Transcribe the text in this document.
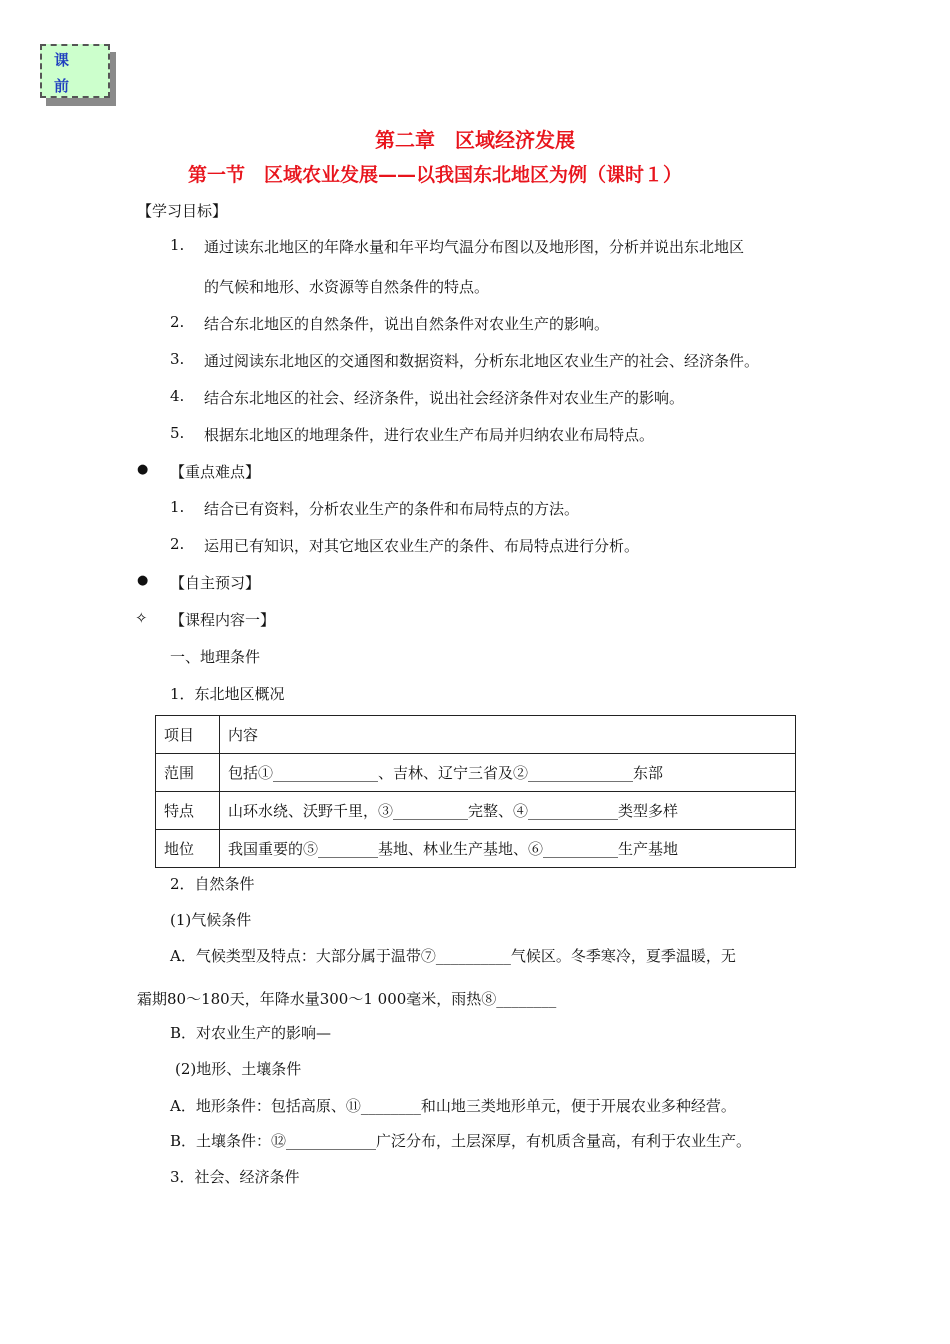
课
前
第二章　区域经济发展
第一节　区域农业发展——以我国东北地区为例（课时１）
【学习目标】
1. 通过读东北地区的年降水量和年平均气温分布图以及地形图，分析并说出东北地区
的气候和地形、水资源等自然条件的特点。
2. 结合东北地区的自然条件，说出自然条件对农业生产的影响。
3. 通过阅读东北地区的交通图和数据资料，分析东北地区农业生产的社会、经济条件。
4. 结合东北地区的社会、经济条件，说出社会经济条件对农业生产的影响。
5. 根据东北地区的地理条件，进行农业生产布局并归纳农业布局特点。
● 【重点难点】
1. 结合已有资料，分析农业生产的条件和布局特点的方法。
2. 运用已有知识，对其它地区农业生产的条件、布局特点进行分析。
● 【自主预习】
✧ 【课程内容一】
一、地理条件
1．东北地区概况
项目	内容
范围	包括①______________、吉林、辽宁三省及②______________东部
特点	山环水绕、沃野千里，③__________完整、④____________类型多样
地位	我国重要的⑤________基地、林业生产基地、⑥__________生产基地
2．自然条件
(1)气候条件
A．气候类型及特点：大部分属于温带⑦__________气候区。冬季寒冷，夏季温暖，无
霜期80～180天，年降水量300～1 000毫米，雨热⑧________
B．对农业生产的影响—
(2)地形、土壤条件
A．地形条件：包括高原、⑪________和山地三类地形单元，便于开展农业多种经营。
B．土壤条件：⑫____________广泛分布，土层深厚，有机质含量高，有利于农业生产。
3．社会、经济条件
